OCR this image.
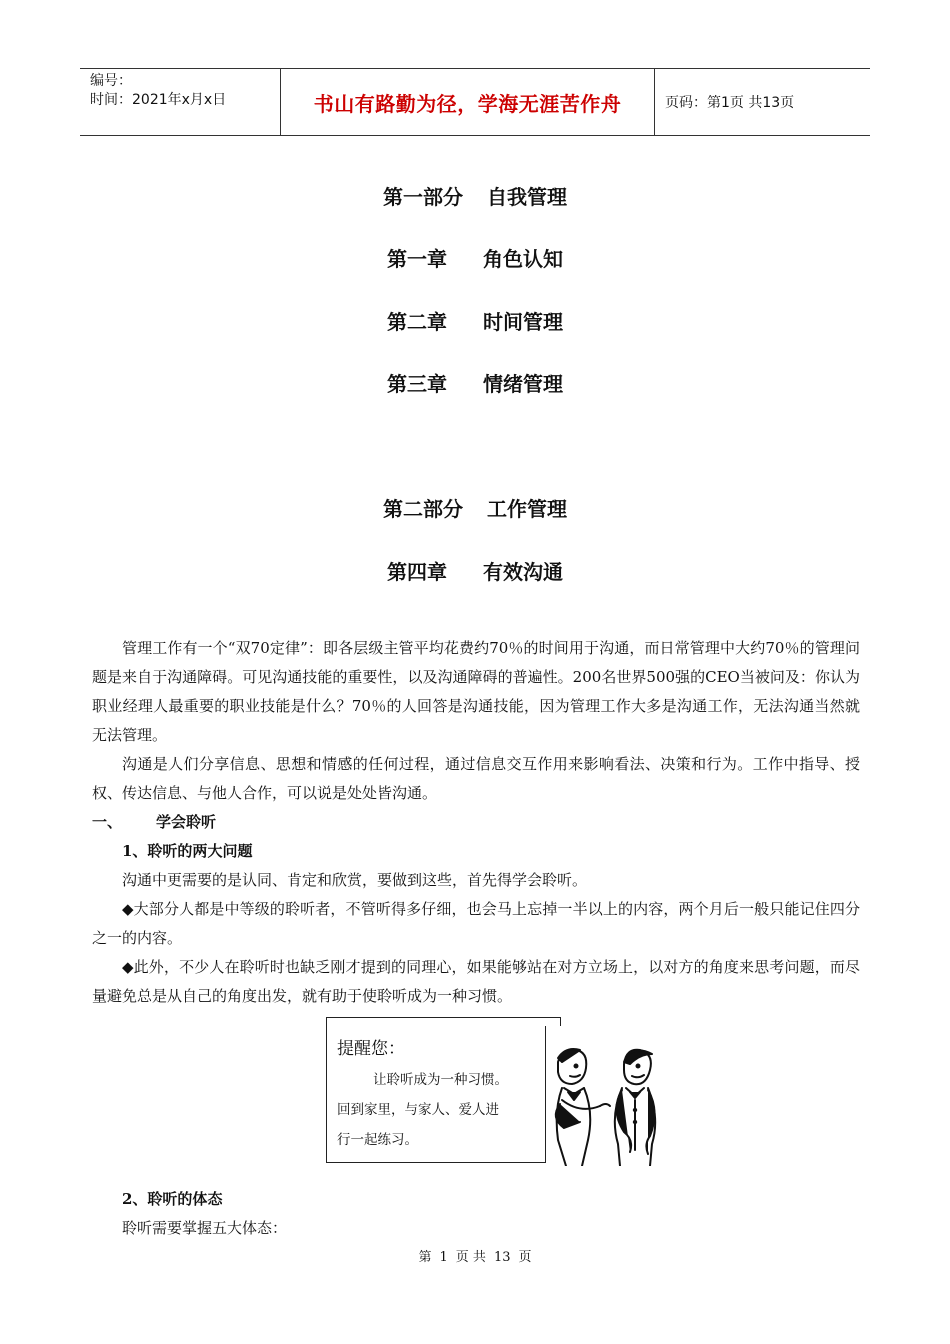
编号：
时间：2021年x月x日	书山有路勤为径，学海无涯苦作舟	页码：第1页 共13页
第一部分 自我管理
第一章 角色认知
第二章 时间管理
第三章 情绪管理
第二部分 工作管理
第四章 有效沟通

管理工作有一个“双70定律”：即各层级主管平均花费约70％的时间用于沟通，而日常管理中大约70％的管理问题是来自于沟通障碍。可见沟通技能的重要性，以及沟通障碍的普遍性。200名世界500强的CEO当被问及：你认为职业经理人最重要的职业技能是什么？70％的人回答是沟通技能，因为管理工作大多是沟通工作，无法沟通当然就无法管理。

沟通是人们分享信息、思想和情感的任何过程，通过信息交互作用来影响看法、决策和行为。工作中指导、授权、传达信息、与他人合作，可以说是处处皆沟通。

一、	学会聆听

1、聆听的两大问题

沟通中更需要的是认同、肯定和欣赏，要做到这些，首先得学会聆听。

◆大部分人都是中等级的聆听者，不管听得多仔细，也会马上忘掉一半以上的内容，两个月后一般只能记住四分之一的内容。

◆此外，不少人在聆听时也缺乏刚才提到的同理心，如果能够站在对方立场上，以对方的角度来思考问题，而尽量避免总是从自己的角度出发，就有助于使聆听成为一种习惯。

2、聆听的体态

聆听需要掌握五大体态：

提醒您：
让聆听成为一种习惯。
回到家里，与家人、爱人进
行一起练习。
第 1 页 共 13 页
